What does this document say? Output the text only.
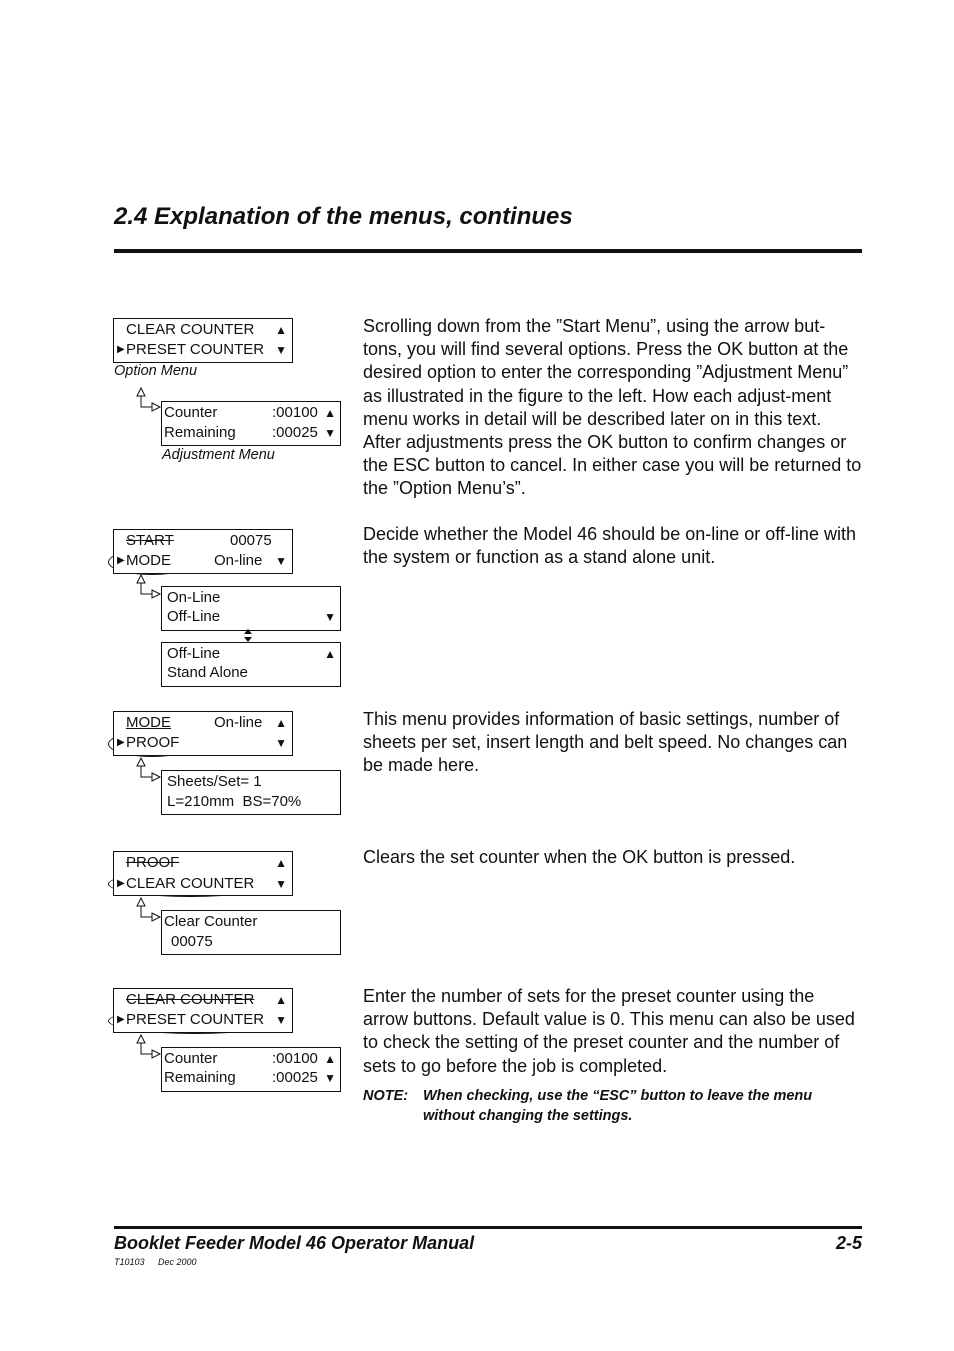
2.4 Explanation of the menus, continues
CLEAR COUNTER ▲
▶ PRESET COUNTER ▼
Option Menu
Counter	:00100 ▲
Remaining :00025 ▼
Adjustment Menu
Scrolling down from the ”Start Menu”, using the arrow but-tons, you will find several options. Press the OK button at the desired option to enter the corresponding ”Adjustment Menu” as illustrated in the figure to the left. How each adjust-ment menu works in detail will be described later on in this text. After adjustments press the OK button to confirm changes or the ESC button to cancel. In either case you will be returned to the ”Option Menu’s”.
START	00075
▶ MODE	On-line ▼
On-Line
Off-Line	▼
Off-Line	▲
Stand Alone
Decide whether the Model 46 should be on-line or off-line with the system or function as a stand alone unit.
MODE	On-line ▲
▶ PROOF	▼
Sheets/Set= 1
L=210mm  BS=70%
This menu provides information of basic settings, number of sheets per set, insert length and belt speed. No changes can be made here.
PROOF	▲
▶ CLEAR COUNTER ▼
Clear Counter
00075
Clears the set counter when the OK button is pressed.
CLEAR COUNTER ▲
▶ PRESET COUNTER ▼
Counter	:00100 ▲
Remaining :00025 ▼
Enter the number of sets for the preset counter using the arrow buttons. Default value is 0. This menu can also be used to check the setting of the preset counter and the number of sets to go before the job is completed.
NOTE: When checking, use the “ESC” button to leave the menu without changing the settings.
Booklet Feeder Model 46 Operator Manual	2-5
T10103 Dec 2000
